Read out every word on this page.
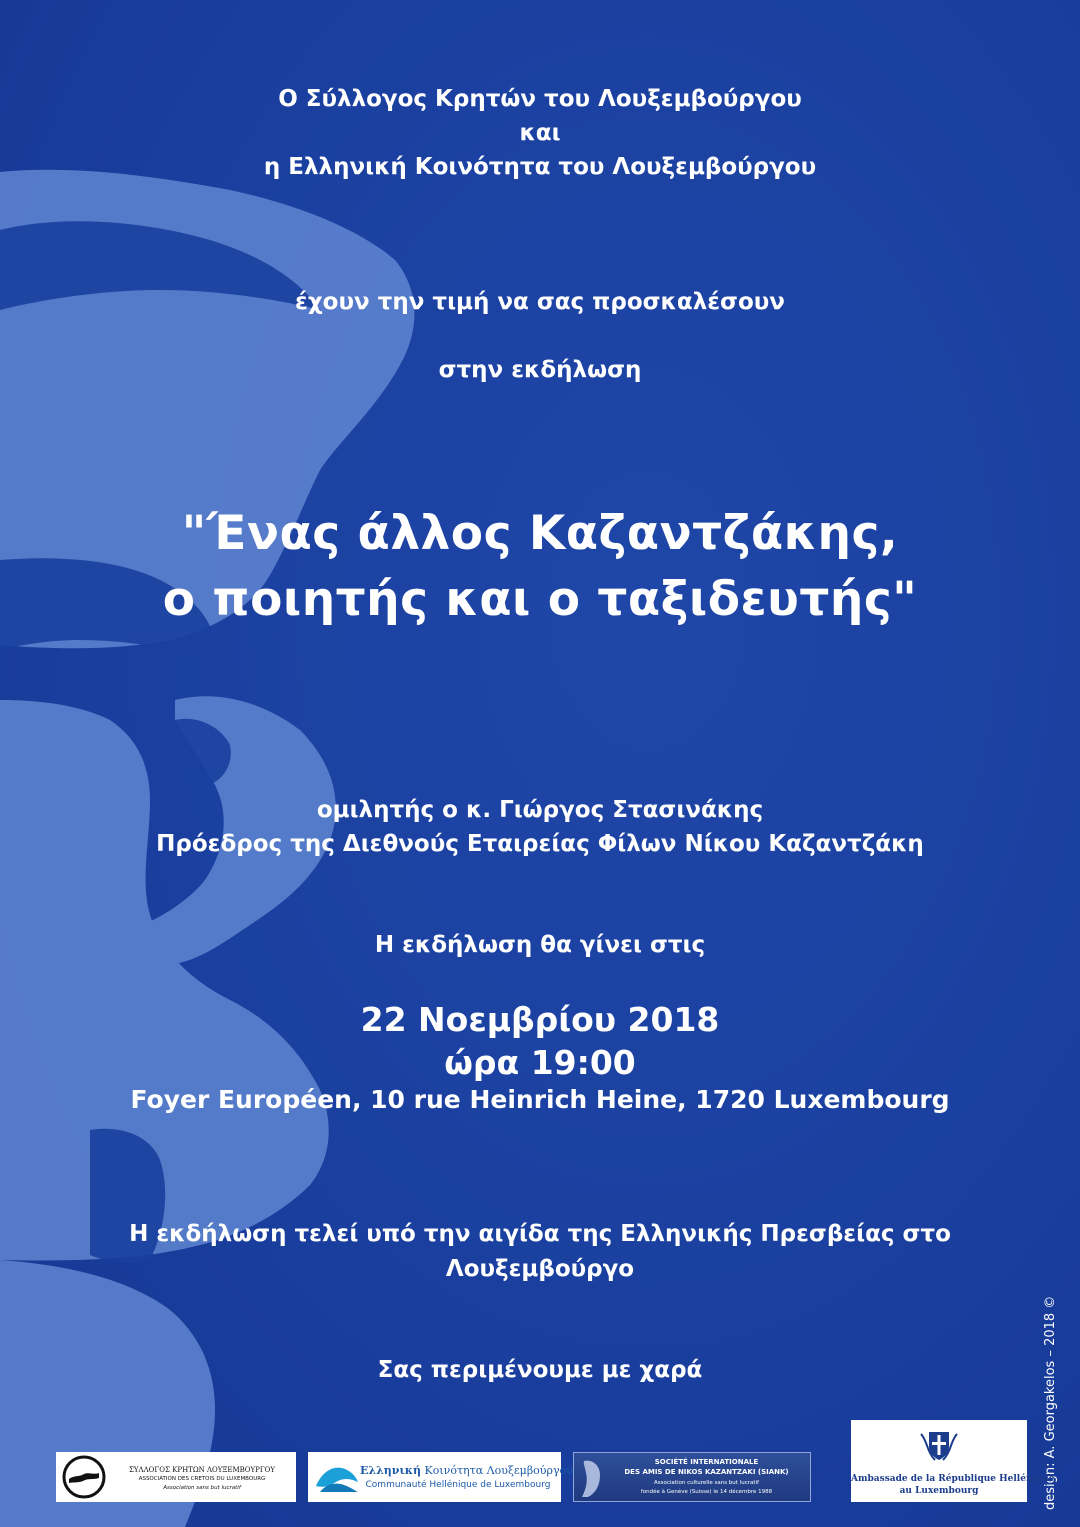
Ο Σύλλογος Κρητών του Λουξεμβούργου
και
η Ελληνική Κοινότητα του Λουξεμβούργου
έχουν την τιμή να σας προσκαλέσουν
στην εκδήλωση
"Ένας άλλος Καζαντζάκης,
ο ποιητής και ο ταξιδευτής"
ομιλητής ο κ. Γιώργος Στασινάκης
Πρόεδρος της Διεθνούς Εταιρείας Φίλων Νίκου Καζαντζάκη
Η εκδήλωση θα γίνει στις
22 Νοεμβρίου 2018
ώρα 19:00
Foyer Européen, 10 rue Heinrich Heine, 1720 Luxembourg
Η εκδήλωση τελεί υπό την αιγίδα της Ελληνικής Πρεσβείας στο
Λουξεμβούργο
Σας περιμένουμε με χαρά	design: A. Georgakelos – 2018 ©
ΣΥΛΛΟΓΟΣ ΚΡΗΤΩΝ ΛΟΥΞΕΜΒΟΥΡΓΟΥ
ASSOCIATION DES CRETOIS DU LUXEMBOURG
Association sans but lucratif
Ελληνική Κοινότητα Λουξεμβούργου
Communauté Hellénique de Luxembourg
SOCIÉTÉ INTERNATIONALE
DES AMIS DE NIKOS KAZANTZAKI (SIANK)
Association culturelle sans but lucratif
fondée à Genève (Suisse) le 14 décembre 1988
Ambassade de la République Hellénique
au Luxembourg
